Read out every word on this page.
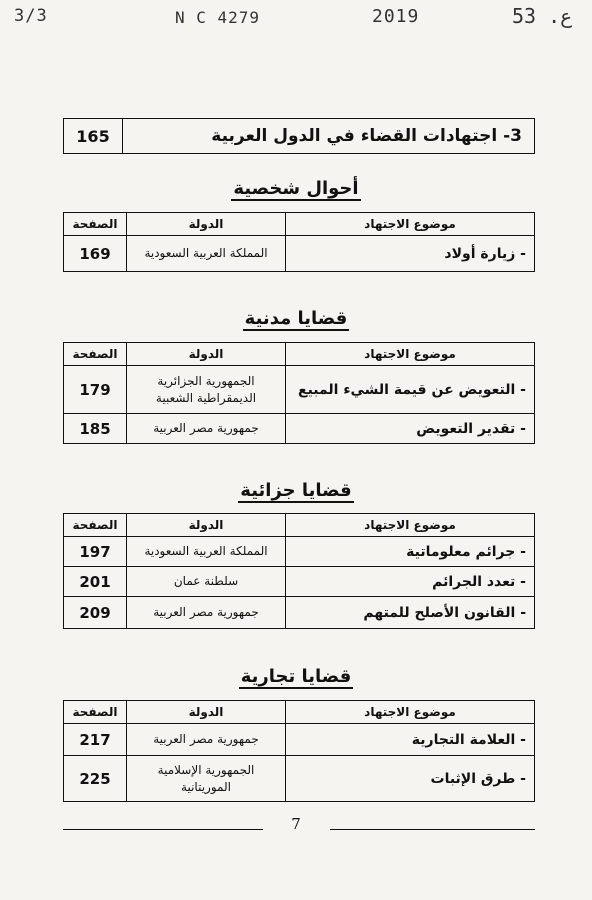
3/3	N C 4279	2019	53 .ع
3- اجتهادات القضاء في الدول العربية	165
أحوال شخصية
موضوع الاجتهاد	الدولة	الصفحة
- زيارة أولاد	المملكة العربية السعودية	169
قضايا مدنية
موضوع الاجتهاد	الدولة	الصفحة
- التعويض عن قيمة الشيء المبيع	الجمهورية الجزائرية الديمقراطية الشعبية	179
- تقدير التعويض	جمهورية مصر العربية	185
قضايا جزائية
موضوع الاجتهاد	الدولة	الصفحة
- جرائم معلوماتية	المملكة العربية السعودية	197
- تعدد الجرائم	سلطنة عمان	201
- القانون الأصلح للمتهم	جمهورية مصر العربية	209
قضايا تجارية
موضوع الاجتهاد	الدولة	الصفحة
- العلامة التجارية	جمهورية مصر العربية	217
- طرق الإثبات	الجمهورية الإسلامية الموريتانية	225
7
